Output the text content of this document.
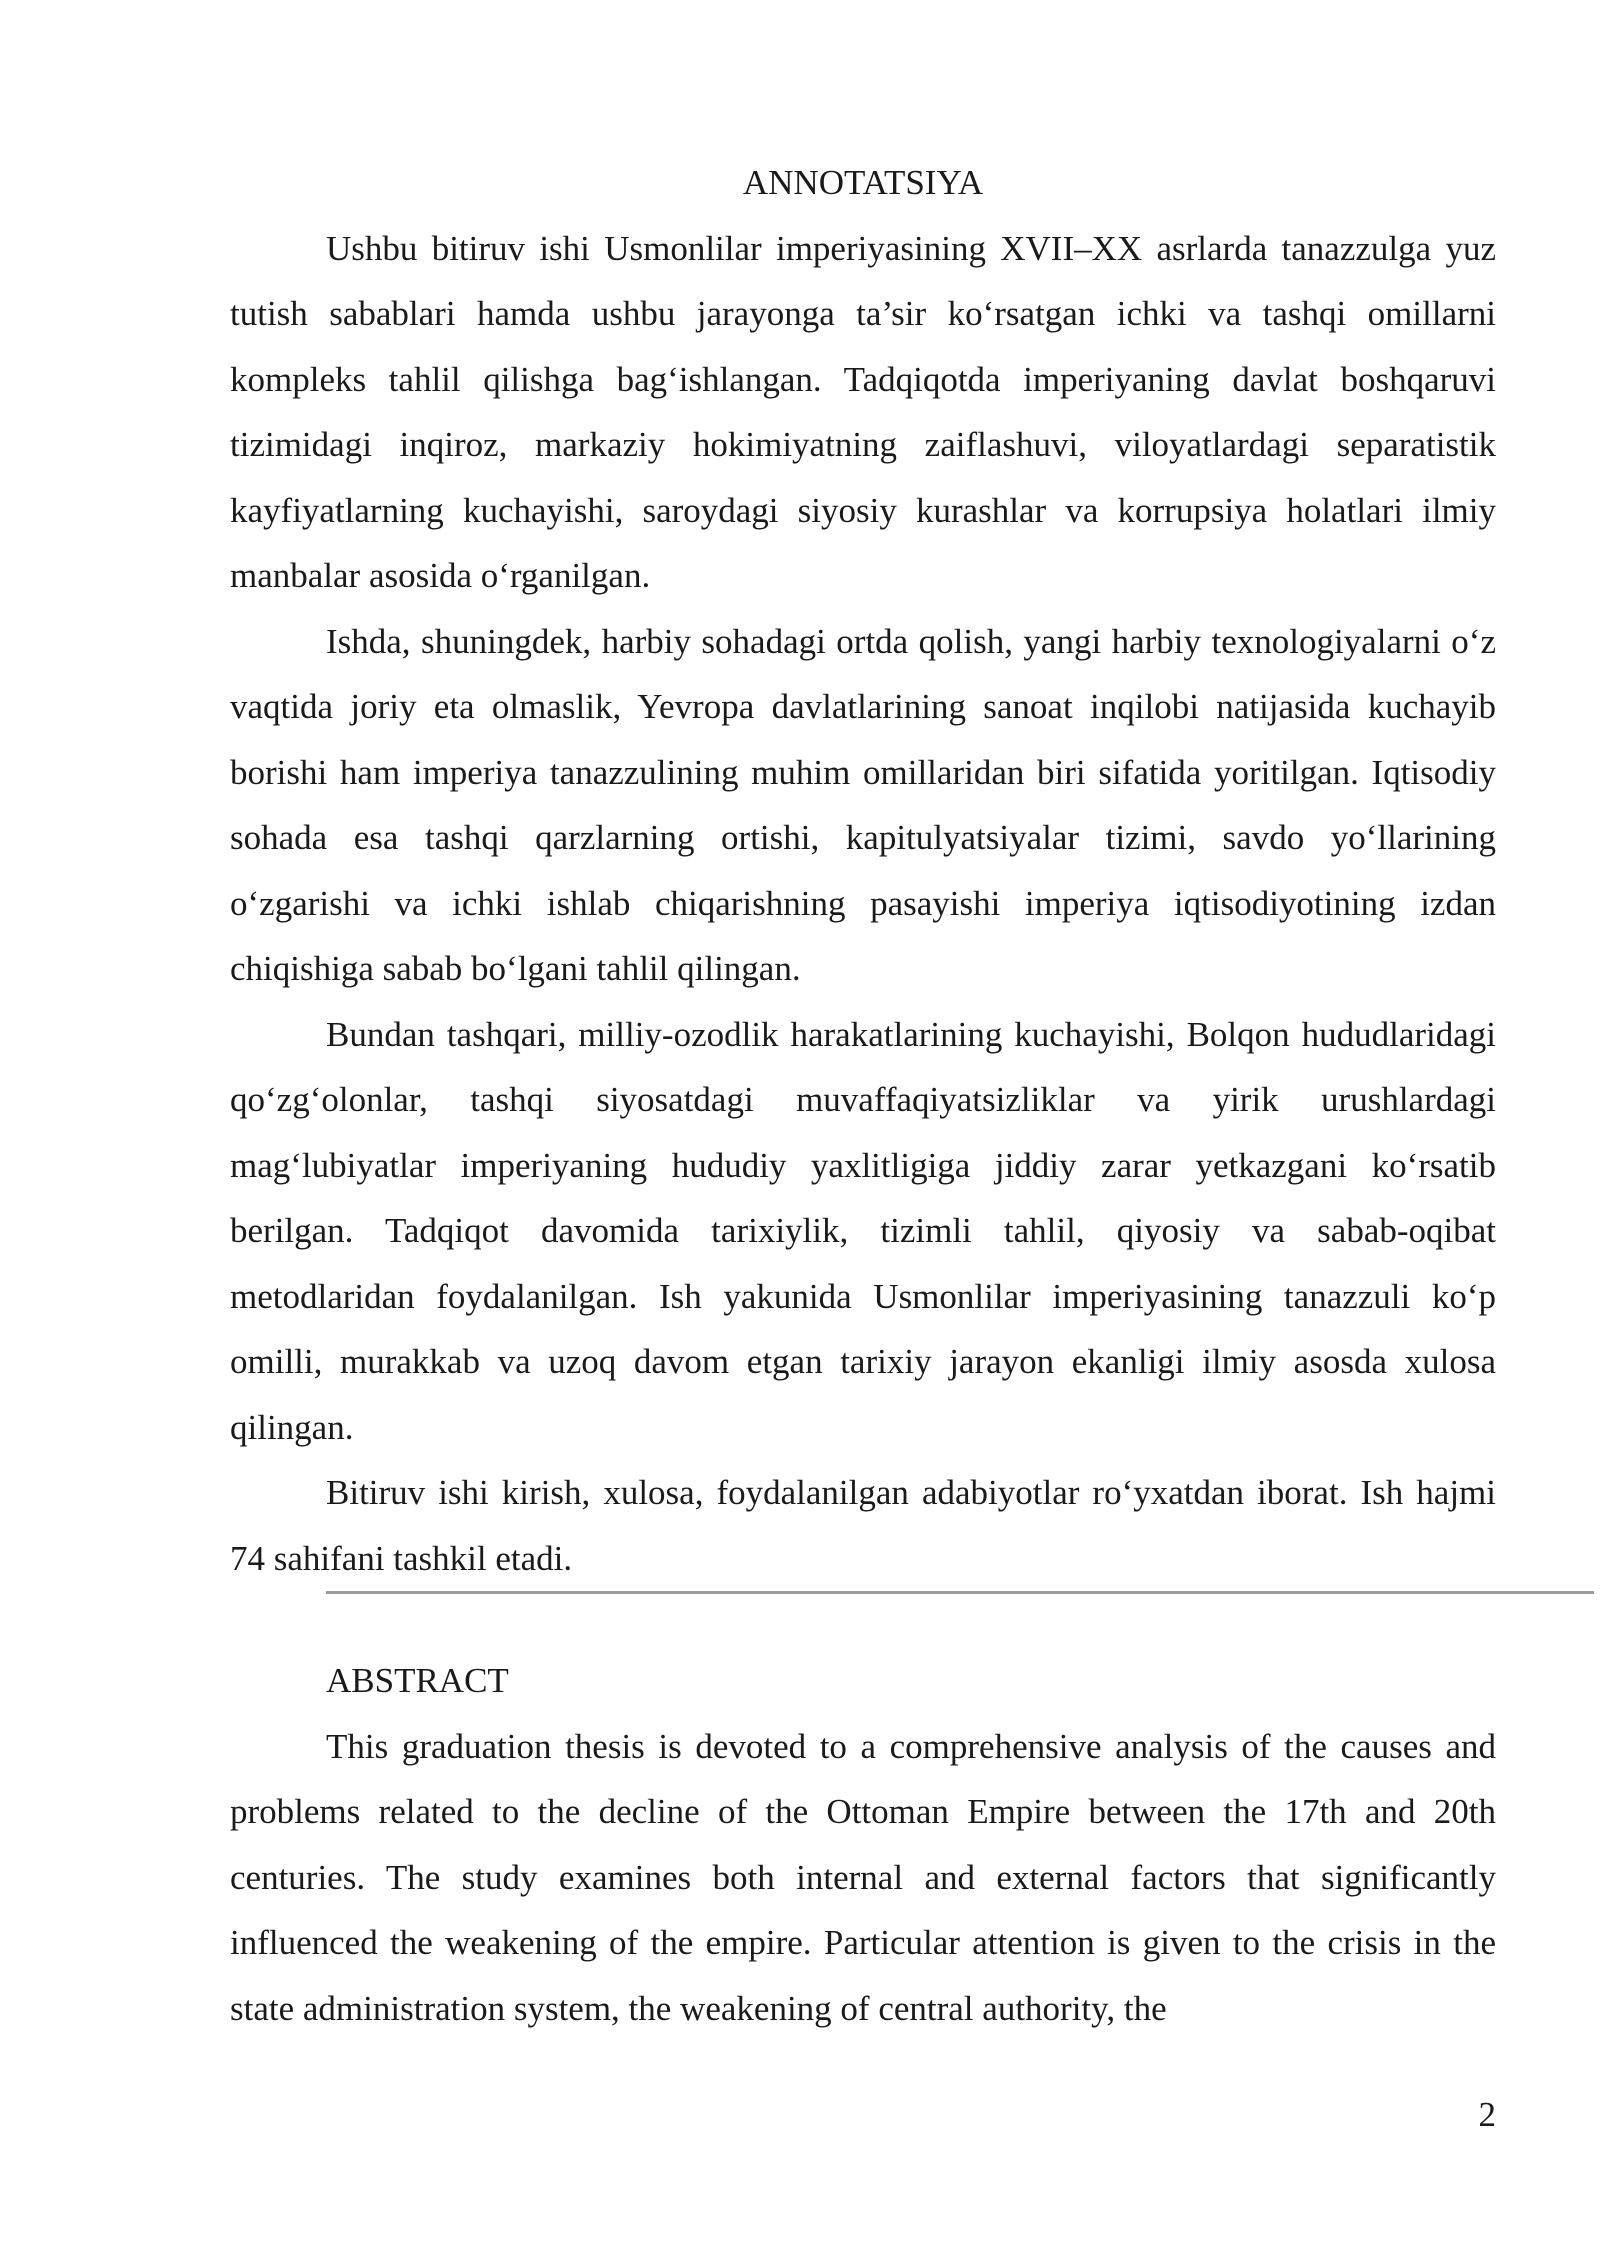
ANNOTATSIYA

Ushbu bitiruv ishi Usmonlilar imperiyasining XVII–XX asrlarda tanazzulga yuz tutish sabablari hamda ushbu jarayonga ta’sir ko‘rsatgan ichki va tashqi omillarni kompleks tahlil qilishga bag‘ishlangan. Tadqiqotda imperiyaning davlat boshqaruvi tizimidagi inqiroz, markaziy hokimiyatning zaiflashuvi, viloyatlardagi separatistik kayfiyatlarning kuchayishi, saroydagi siyosiy kurashlar va korrupsiya holatlari ilmiy manbalar asosida o‘rganilgan.

Ishda, shuningdek, harbiy sohadagi ortda qolish, yangi harbiy texnologiyalarni o‘z vaqtida joriy eta olmaslik, Yevropa davlatlarining sanoat inqilobi natijasida kuchayib borishi ham imperiya tanazzulining muhim omillaridan biri sifatida yoritilgan. Iqtisodiy sohada esa tashqi qarzlarning ortishi, kapitulyatsiyalar tizimi, savdo yo‘llarining o‘zgarishi va ichki ishlab chiqarishning pasayishi imperiya iqtisodiyotining izdan chiqishiga sabab bo‘lgani tahlil qilingan.

Bundan tashqari, milliy-ozodlik harakatlarining kuchayishi, Bolqon hududlaridagi qo‘zg‘olonlar, tashqi siyosatdagi muvaffaqiyatsizliklar va yirik urushlardagi mag‘lubiyatlar imperiyaning hududiy yaxlitligiga jiddiy zarar yetkazgani ko‘rsatib berilgan. Tadqiqot davomida tarixiylik, tizimli tahlil, qiyosiy va sabab-oqibat metodlaridan foydalanilgan. Ish yakunida Usmonlilar imperiyasining tanazzuli ko‘p omilli, murakkab va uzoq davom etgan tarixiy jarayon ekanligi ilmiy asosda xulosa qilingan.

Bitiruv ishi kirish, xulosa, foydalanilgan adabiyotlar ro‘yxatdan iborat. Ish hajmi 74 sahifani tashkil etadi.

ABSTRACT

This graduation thesis is devoted to a comprehensive analysis of the causes and problems related to the decline of the Ottoman Empire between the 17th and 20th centuries. The study examines both internal and external factors that significantly influenced the weakening of the empire. Particular attention is given to the crisis in the state administration system, the weakening of central authority, the

2
